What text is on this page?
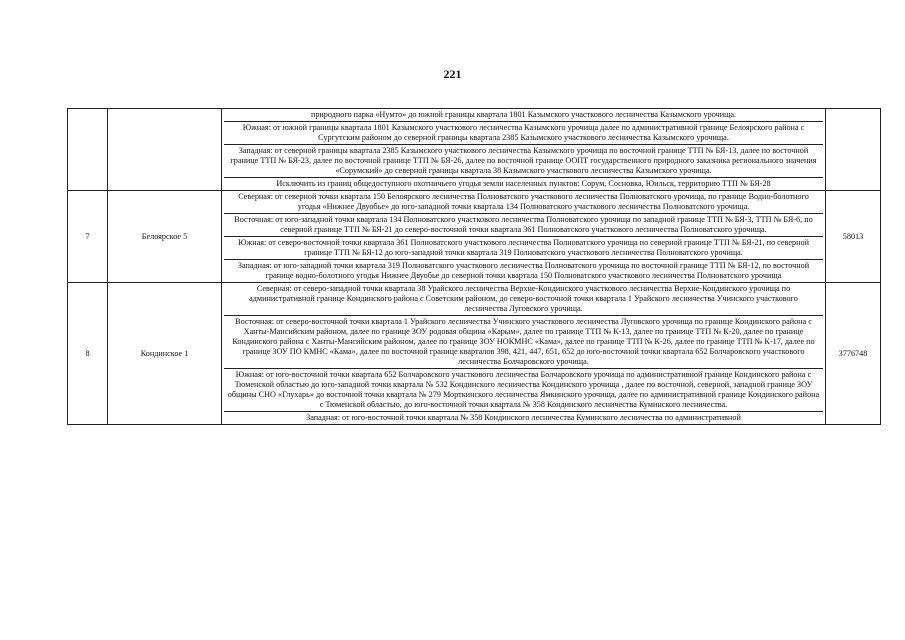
221

		природного парка «Нумто» до южной границы квартала 1801 Казымского участкового лесничества Казымского урочища.
Южная: от южной границы квартала 1801 Казымского участкового лесничества Казымского урочища далее по административной границе Белоярского района с Сургутским районом до северной границы квартала 2385 Казымского участкового лесничества Казымского урочища.
Западная: от северной границы квартала 2385 Казымского участкового лесничества Казымского урочища по восточной границе ТТП № БЯ-13, далее по восточной границе ТТП № БЯ-23, далее по восточной границе ТТП № БЯ-26, далее по восточной границе ООПТ государственного природного заказника регионального значения «Сорумский» до северной границы квартала 38 Казымского участкового лесничества Казымского урочища.
Исключить из границ общедоступного охотничьего угодья земли населенных пунктов: Сорум, Сосновка, Юильск, территорию ТТП № БЯ-28	

7	Белоярское 5	Северная: от северной точки квартала 150 Белоярского лесничества Полноватского участкового лесничества Полноватского урочища, по границе Водно-болотного угодья «Нижнее Двуобье» до юго-западной точки квартала 134 Полноватского участкового лесничества Полноватского урочища.
Восточная: от юго-западной точки квартала 134 Полноватского участкового лесничества Полноватского урочища по западной границе ТТП № БЯ-3, ТТП № БЯ-6, по северной границе ТТП № БЯ-21 до северо-восточной точки квартала 361 Полноватского участкового лесничества Полноватского урочища.
Южная: от северо-восточной точки квартала 361 Полноватского участкового лесничества Полноватского урочища по северной границе ТТП № БЯ-21, по северной границе ТТП № БЯ-12 до юго-западной точки квартала 319 Полноватского участкового лесничества Полноватского урочища.
Западная: от юго-западной точки квартала 319 Полноватского участкового лесничества Полноватского урочища по восточной границе ТТП № БЯ-12, по восточной границе водно-болотного угодья Нижнее Двуобье до северной точки квартала 150 Полноватского участкового лесничества Полноватского урочища	58013
8	Кондинское 1	Северная: от северо-западной точки квартала 38 Урайского лесничества Верхне-Кондинского участкового лесничества Верхне-Кондинского урочища по административной границе Кондинского района с Советским районом, до северо-восточной точки квартала 1 Урайского лесничества Учинского участкового лесничества Луговского урочища.
Восточная: от северо-восточной точки квартала 1 Урайского лесничества Учинского участкового лесничества Луговского урочища по границе Кондинского района с Ханты-Мансийским районом, далее по границе ЗОУ родовая община «Карым», далее по границе ТТП № К-13, далее по границе ТТП № К-20, далее по границе Кондинского района с Ханты-Мансийским районом, далее по границе ЗОУ НОКМНС «Кама», далее по границе ТТП № К-26, далее по границе ТТП № К-17, далее по границе ЗОУ ПО КМНС «Кама», далее по восточной границе кварталов 398, 421, 447, 651, 652 до юго-восточной точки квартала 652 Болчаровского участкового лесничества Болчаровского урочища.
Южная: от юго-восточной точки квартала 652 Болчаровского участкового лесничества Болчаровского урочища по административной границе Кондинского района с Тюменской областью до юго-западной точки квартала № 532 Кондинского лесничества Кондинского урочища , далее по восточной, северной, западной границе ЗОУ общины СНО «Глухарь» до восточной точки квартала № 279 Морткинского лесничества Ямкинского урочища, далее по административной границе Кондинского района с Тюменской областью, до юго-восточной точки квартала № 358 Кондинского лесничества Куминского лесничества.
Западная: от юго-восточной точки квартала № 358 Кондинского лесничества Куминского лесничества по административной	3776748
